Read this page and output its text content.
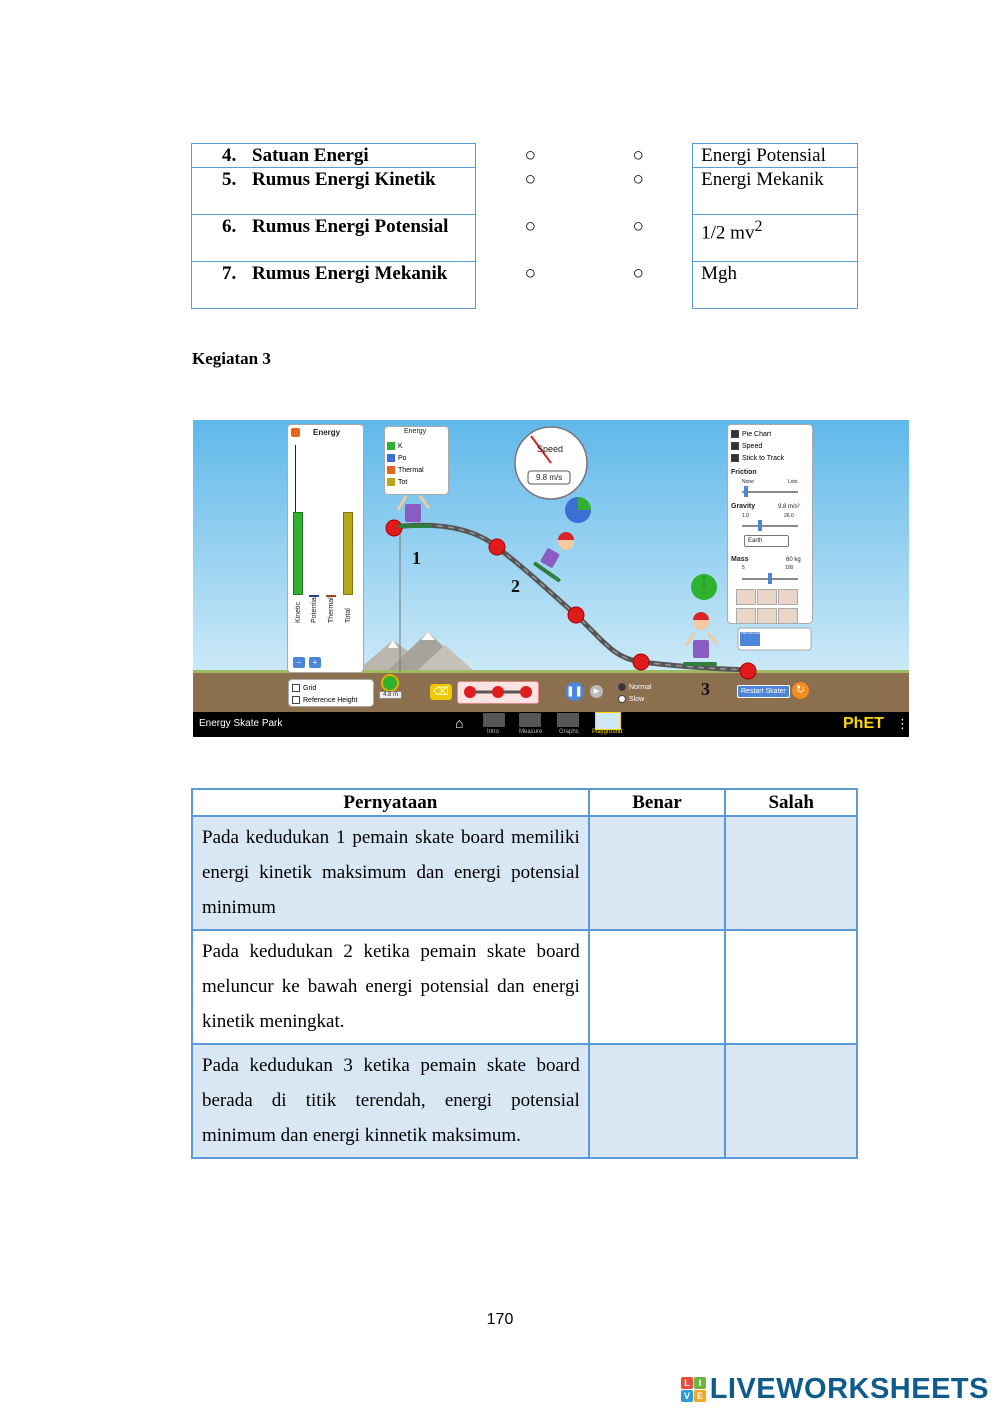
4. Satuan Energi	○	○	Energi Potensial

5. Rumus Energi Kinetik	○	○	Energi Mekanik

6. Rumus Energi Potensial	○	○	1/2 $mv^2$

7. Rumus Energi Mekanik	○	○	Mgh
Kegiatan 3
Energy
Kinetic Potential Thermal Total
−	+
Energy
K
Po
Thermal
Tot
Speed
9.8 m/s
Pie Chart
Speed
Stick to Track
Friction
None	Lots
Gravity	9.8 m/s²
1.0	26.0
Earth
Mass	60 kg
5	100
00:00.00
1
2
3
Grid
Reference Height
4.8 m	⌫	❚❚	▶
Normal
Slow
Restart Skater ↻
Energy Skate Park	⌂
Intro	Measure	Graphs Playground	PhET ⋮
Pernyataan	Benar	Salah
Pada kedudukan 1 pemain skate board memiliki energi kinetik maksimum dan energi potensial minimum		
Pada kedudukan 2 ketika pemain skate board meluncur ke bawah energi potensial dan energi kinetik meningkat.		
Pada kedudukan 3 ketika pemain skate board berada di titik terendah, energi potensial minimum dan energi kinnetik maksimum.		
170
L I
V E LIVEWORKSHEETS
